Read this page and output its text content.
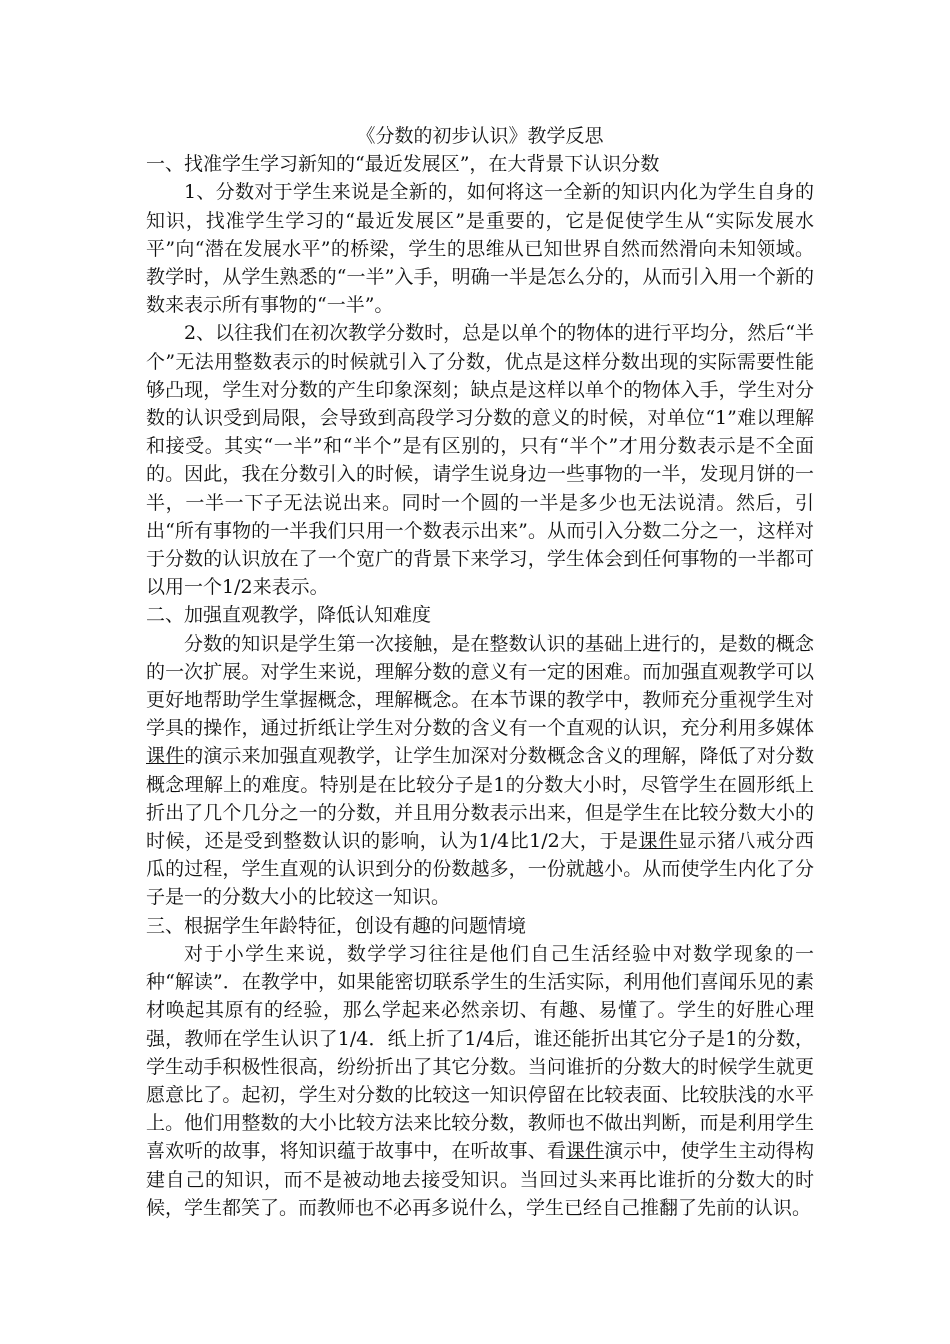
《分数的初步认识》教学反思

一、找准学生学习新知的“最近发展区”，在大背景下认识分数

1、分数对于学生来说是全新的，如何将这一全新的知识内化为学生自身的知识，找准学生学习的“最近发展区”是重要的，它是促使学生从“实际发展水平”向“潜在发展水平”的桥梁，学生的思维从已知世界自然而然滑向未知领域。教学时，从学生熟悉的“一半”入手，明确一半是怎么分的，从而引入用一个新的数来表示所有事物的“一半”。

2、以往我们在初次教学分数时，总是以单个的物体的进行平均分，然后“半个”无法用整数表示的时候就引入了分数，优点是这样分数出现的实际需要性能够凸现，学生对分数的产生印象深刻；缺点是这样以单个的物体入手，学生对分数的认识受到局限，会导致到高段学习分数的意义的时候，对单位“1”难以理解和接受。其实“一半”和“半个”是有区别的，只有“半个”才用分数表示是不全面的。因此，我在分数引入的时候，请学生说身边一些事物的一半，发现月饼的一半，一半一下子无法说出来。同时一个圆的一半是多少也无法说清。然后，引出“所有事物的一半我们只用一个数表示出来”。从而引入分数二分之一，这样对于分数的认识放在了一个宽广的背景下来学习，学生体会到任何事物的一半都可以用一个1/2来表示。

二、加强直观教学，降低认知难度

分数的知识是学生第一次接触，是在整数认识的基础上进行的，是数的概念的一次扩展。对学生来说，理解分数的意义有一定的困难。而加强直观教学可以更好地帮助学生掌握概念，理解概念。在本节课的教学中，教师充分重视学生对学具的操作，通过折纸让学生对分数的含义有一个直观的认识，充分利用多媒体课件的演示来加强直观教学，让学生加深对分数概念含义的理解，降低了对分数概念理解上的难度。特别是在比较分子是1的分数大小时，尽管学生在圆形纸上折出了几个几分之一的分数，并且用分数表示出来，但是学生在比较分数大小的时候，还是受到整数认识的影响，认为1/4比1/2大，于是课件显示猪八戒分西瓜的过程，学生直观的认识到分的份数越多，一份就越小。从而使学生内化了分子是一的分数大小的比较这一知识。

三、根据学生年龄特征，创设有趣的问题情境

对于小学生来说，数学学习往往是他们自己生活经验中对数学现象的一种“解读”．在教学中，如果能密切联系学生的生活实际，利用他们喜闻乐见的素材唤起其原有的经验，那么学起来必然亲切、有趣、易懂了。学生的好胜心理强，教师在学生认识了1/4．纸上折了1/4后，谁还能折出其它分子是1的分数，学生动手积极性很高，纷纷折出了其它分数。当问谁折的分数大的时候学生就更愿意比了。起初，学生对分数的比较这一知识停留在比较表面、比较肤浅的水平上。他们用整数的大小比较方法来比较分数，教师也不做出判断，而是利用学生喜欢听的故事，将知识蕴于故事中，在听故事、看课件演示中，使学生主动得构建自己的知识，而不是被动地去接受知识。当回过头来再比谁折的分数大的时候，学生都笑了。而教师也不必再多说什么，学生已经自己推翻了先前的认识。
